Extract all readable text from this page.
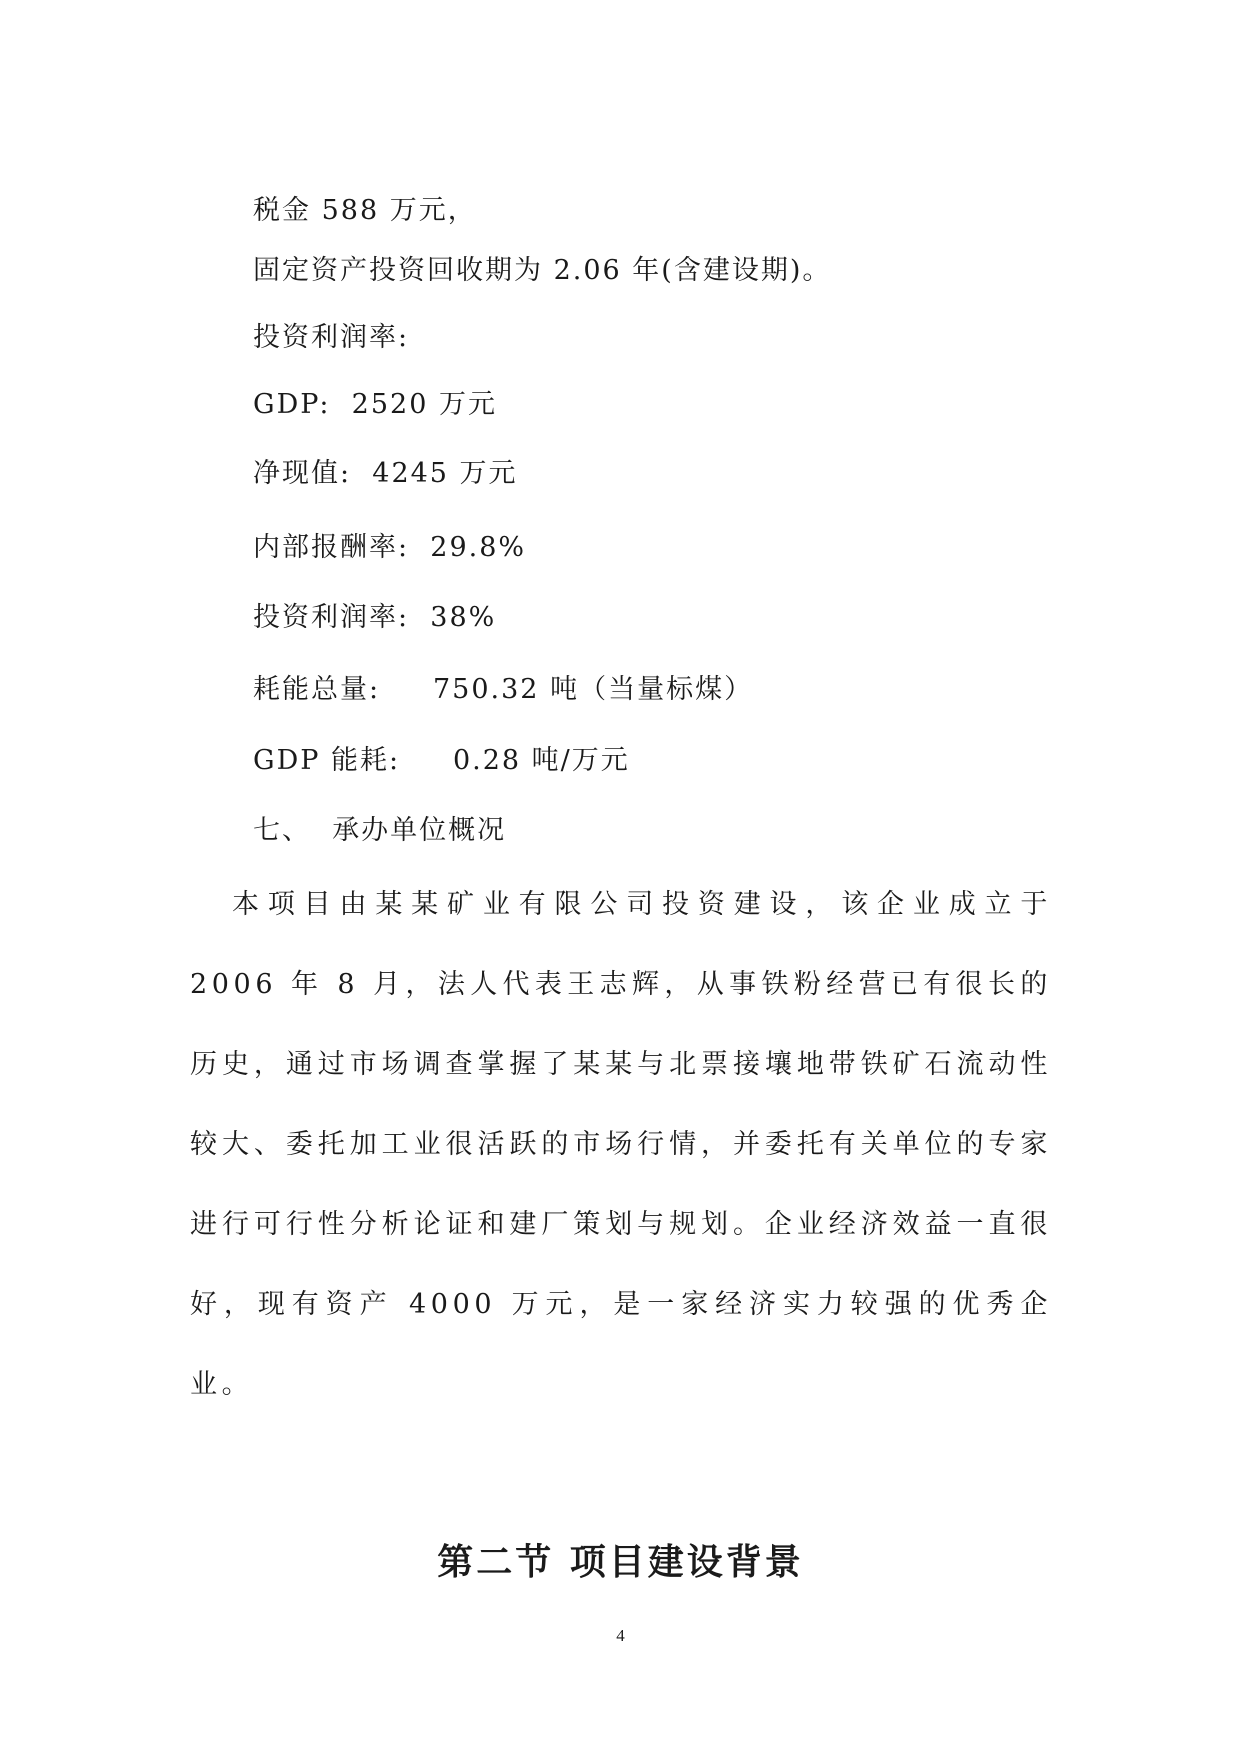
税金 588 万元，
固定资产投资回收期为 2.06 年(含建设期)。
投资利润率:
GDP:  2520 万元
净现值:  4245 万元
内部报酬率:  29.8%
投资利润率:  38%
耗能总量:     750.32 吨（当量标煤）
GDP 能耗:     0.28 吨/万元
七、  承办单位概况
本项目由某某矿业有限公司投资建设，该企业成立于 2006 年 8 月，法人代表王志辉，从事铁粉经营已有很长的历史，通过市场调查掌握了某某与北票接壤地带铁矿石流动性较大、委托加工业很活跃的市场行情，并委托有关单位的专家进行可行性分析论证和建厂策划与规划。企业经济效益一直很好，现有资产 4000 万元，是一家经济实力较强的优秀企业。
第二节 项目建设背景
4
